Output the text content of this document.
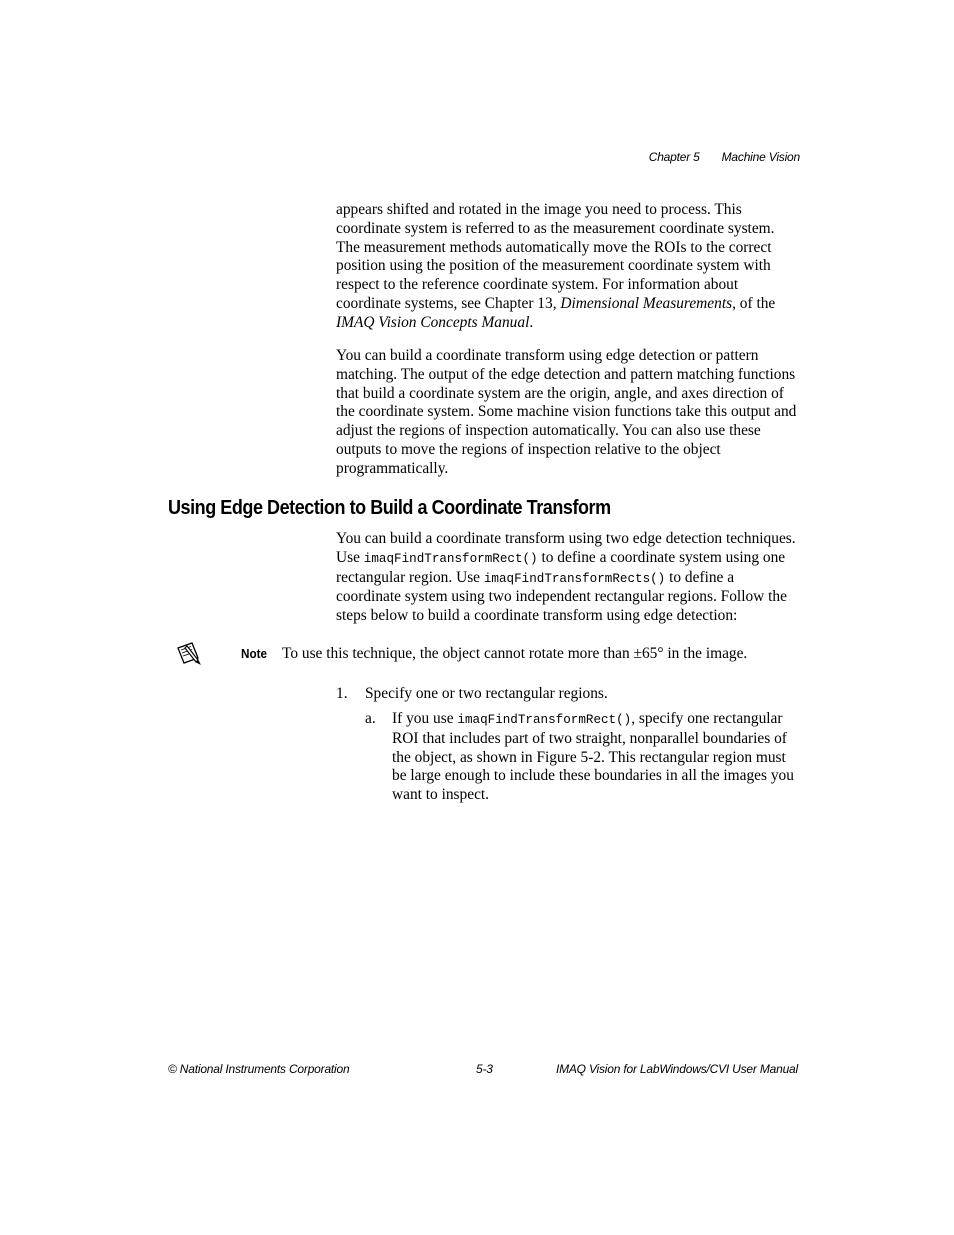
Chapter 5 Machine Vision

appears shifted and rotated in the image you need to process. This coordinate system is referred to as the measurement coordinate system. The measurement methods automatically move the ROIs to the correct position using the position of the measurement coordinate system with respect to the reference coordinate system. For information about coordinate systems, see Chapter 13, Dimensional Measurements, of the IMAQ Vision Concepts Manual.

You can build a coordinate transform using edge detection or pattern matching. The output of the edge detection and pattern matching functions that build a coordinate system are the origin, angle, and axes direction of the coordinate system. Some machine vision functions take this output and adjust the regions of inspection automatically. You can also use these outputs to move the regions of inspection relative to the object programmatically.

Using Edge Detection to Build a Coordinate Transform

You can build a coordinate transform using two edge detection techniques. Use imaqFindTransformRect() to define a coordinate system using one rectangular region. Use imaqFindTransformRects() to define a coordinate system using two independent rectangular regions. Follow the steps below to build a coordinate transform using edge detection:

Note To use this technique, the object cannot rotate more than ±65° in the image.
1. Specify one or two rectangular regions.
a. If you use imaqFindTransformRect(), specify one rectangular ROI that includes part of two straight, nonparallel boundaries of the object, as shown in Figure 5-2. This rectangular region must be large enough to include these boundaries in all the images you want to inspect.
© National Instruments Corporation	5-3	IMAQ Vision for LabWindows/CVI User Manual
